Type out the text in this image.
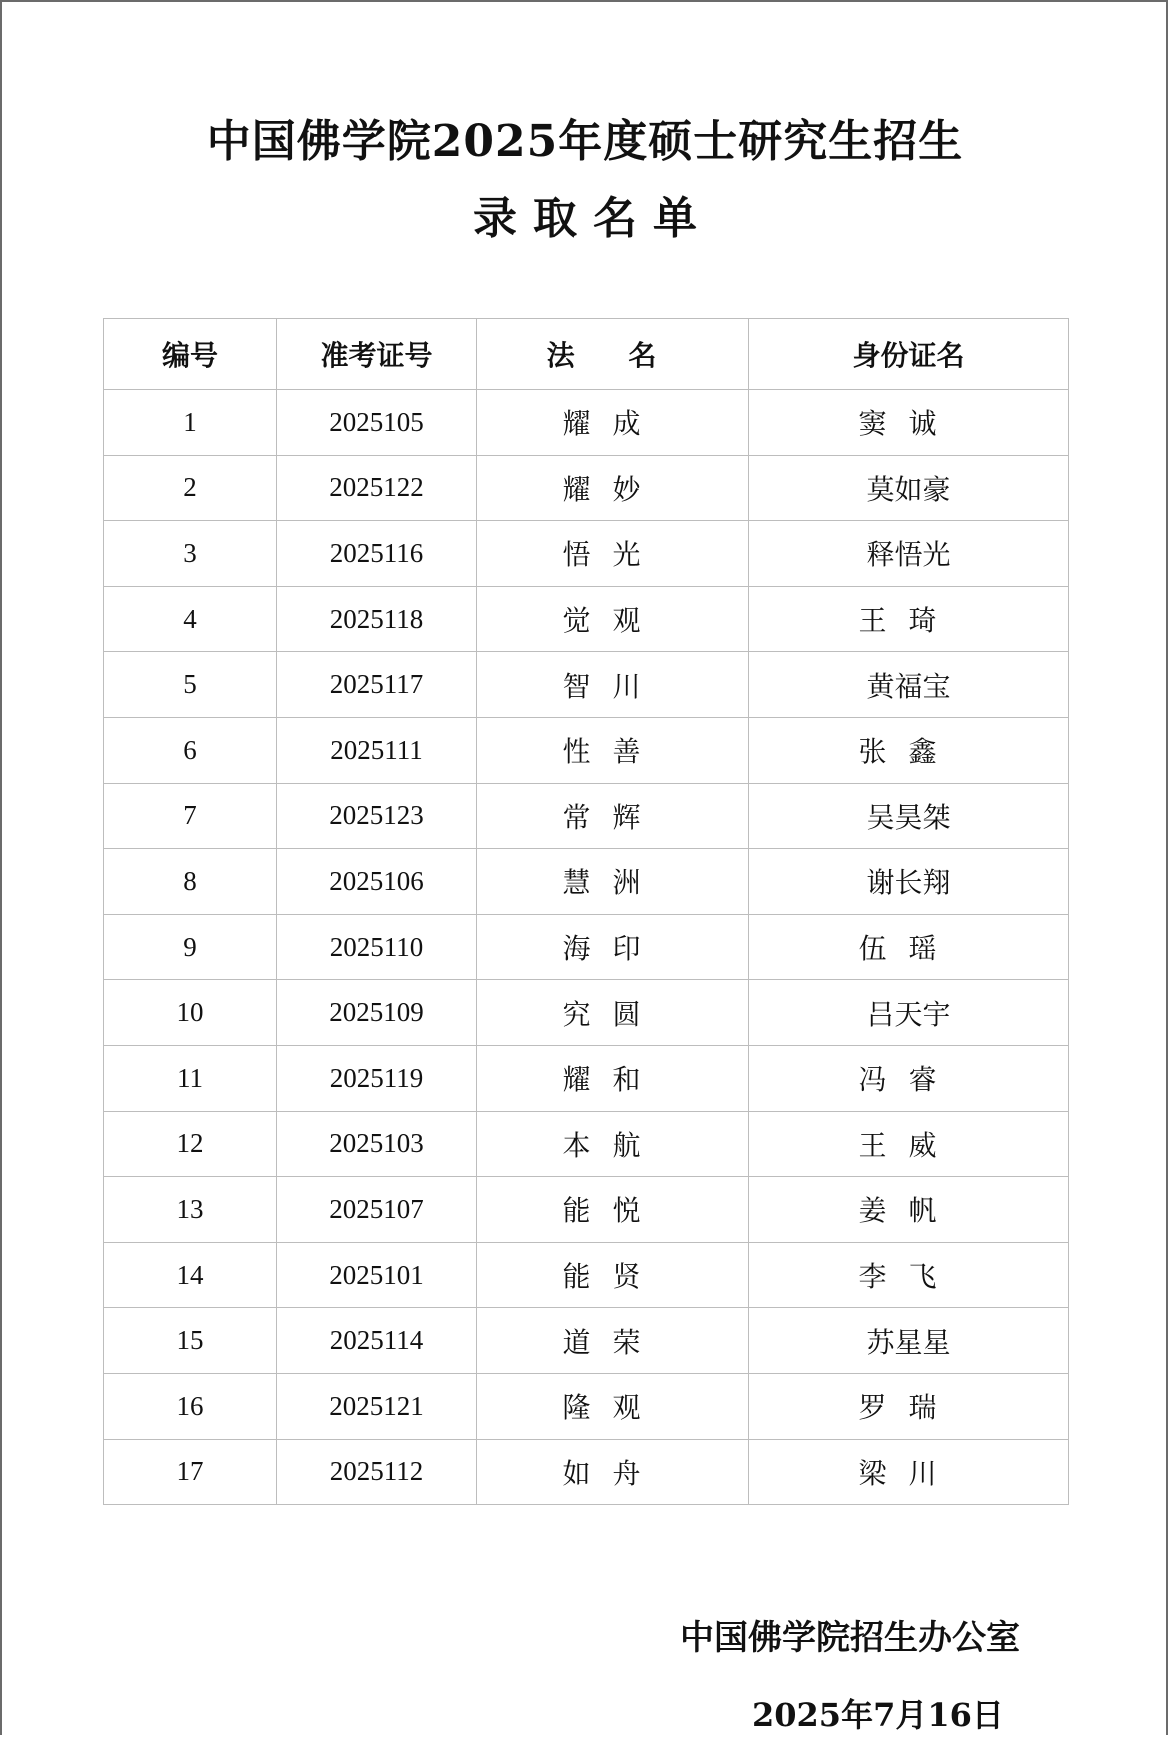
中国佛学院2025年度硕士研究生招生
录取名单
编号	准考证号	法 名	身份证名
1	2025105	耀成	窦诚
2	2025122	耀妙	莫如豪
3	2025116	悟光	释悟光
4	2025118	觉观	王琦
5	2025117	智川	黄福宝
6	2025111	性善	张鑫
7	2025123	常辉	吴昊桀
8	2025106	慧洲	谢长翔
9	2025110	海印	伍瑶
10	2025109	究圆	吕天宇
11	2025119	耀和	冯睿
12	2025103	本航	王威
13	2025107	能悦	姜帆
14	2025101	能贤	李飞
15	2025114	道荣	苏星星
16	2025121	隆观	罗瑞
17	2025112	如舟	梁川
中国佛学院招生办公室
2025年7月16日
